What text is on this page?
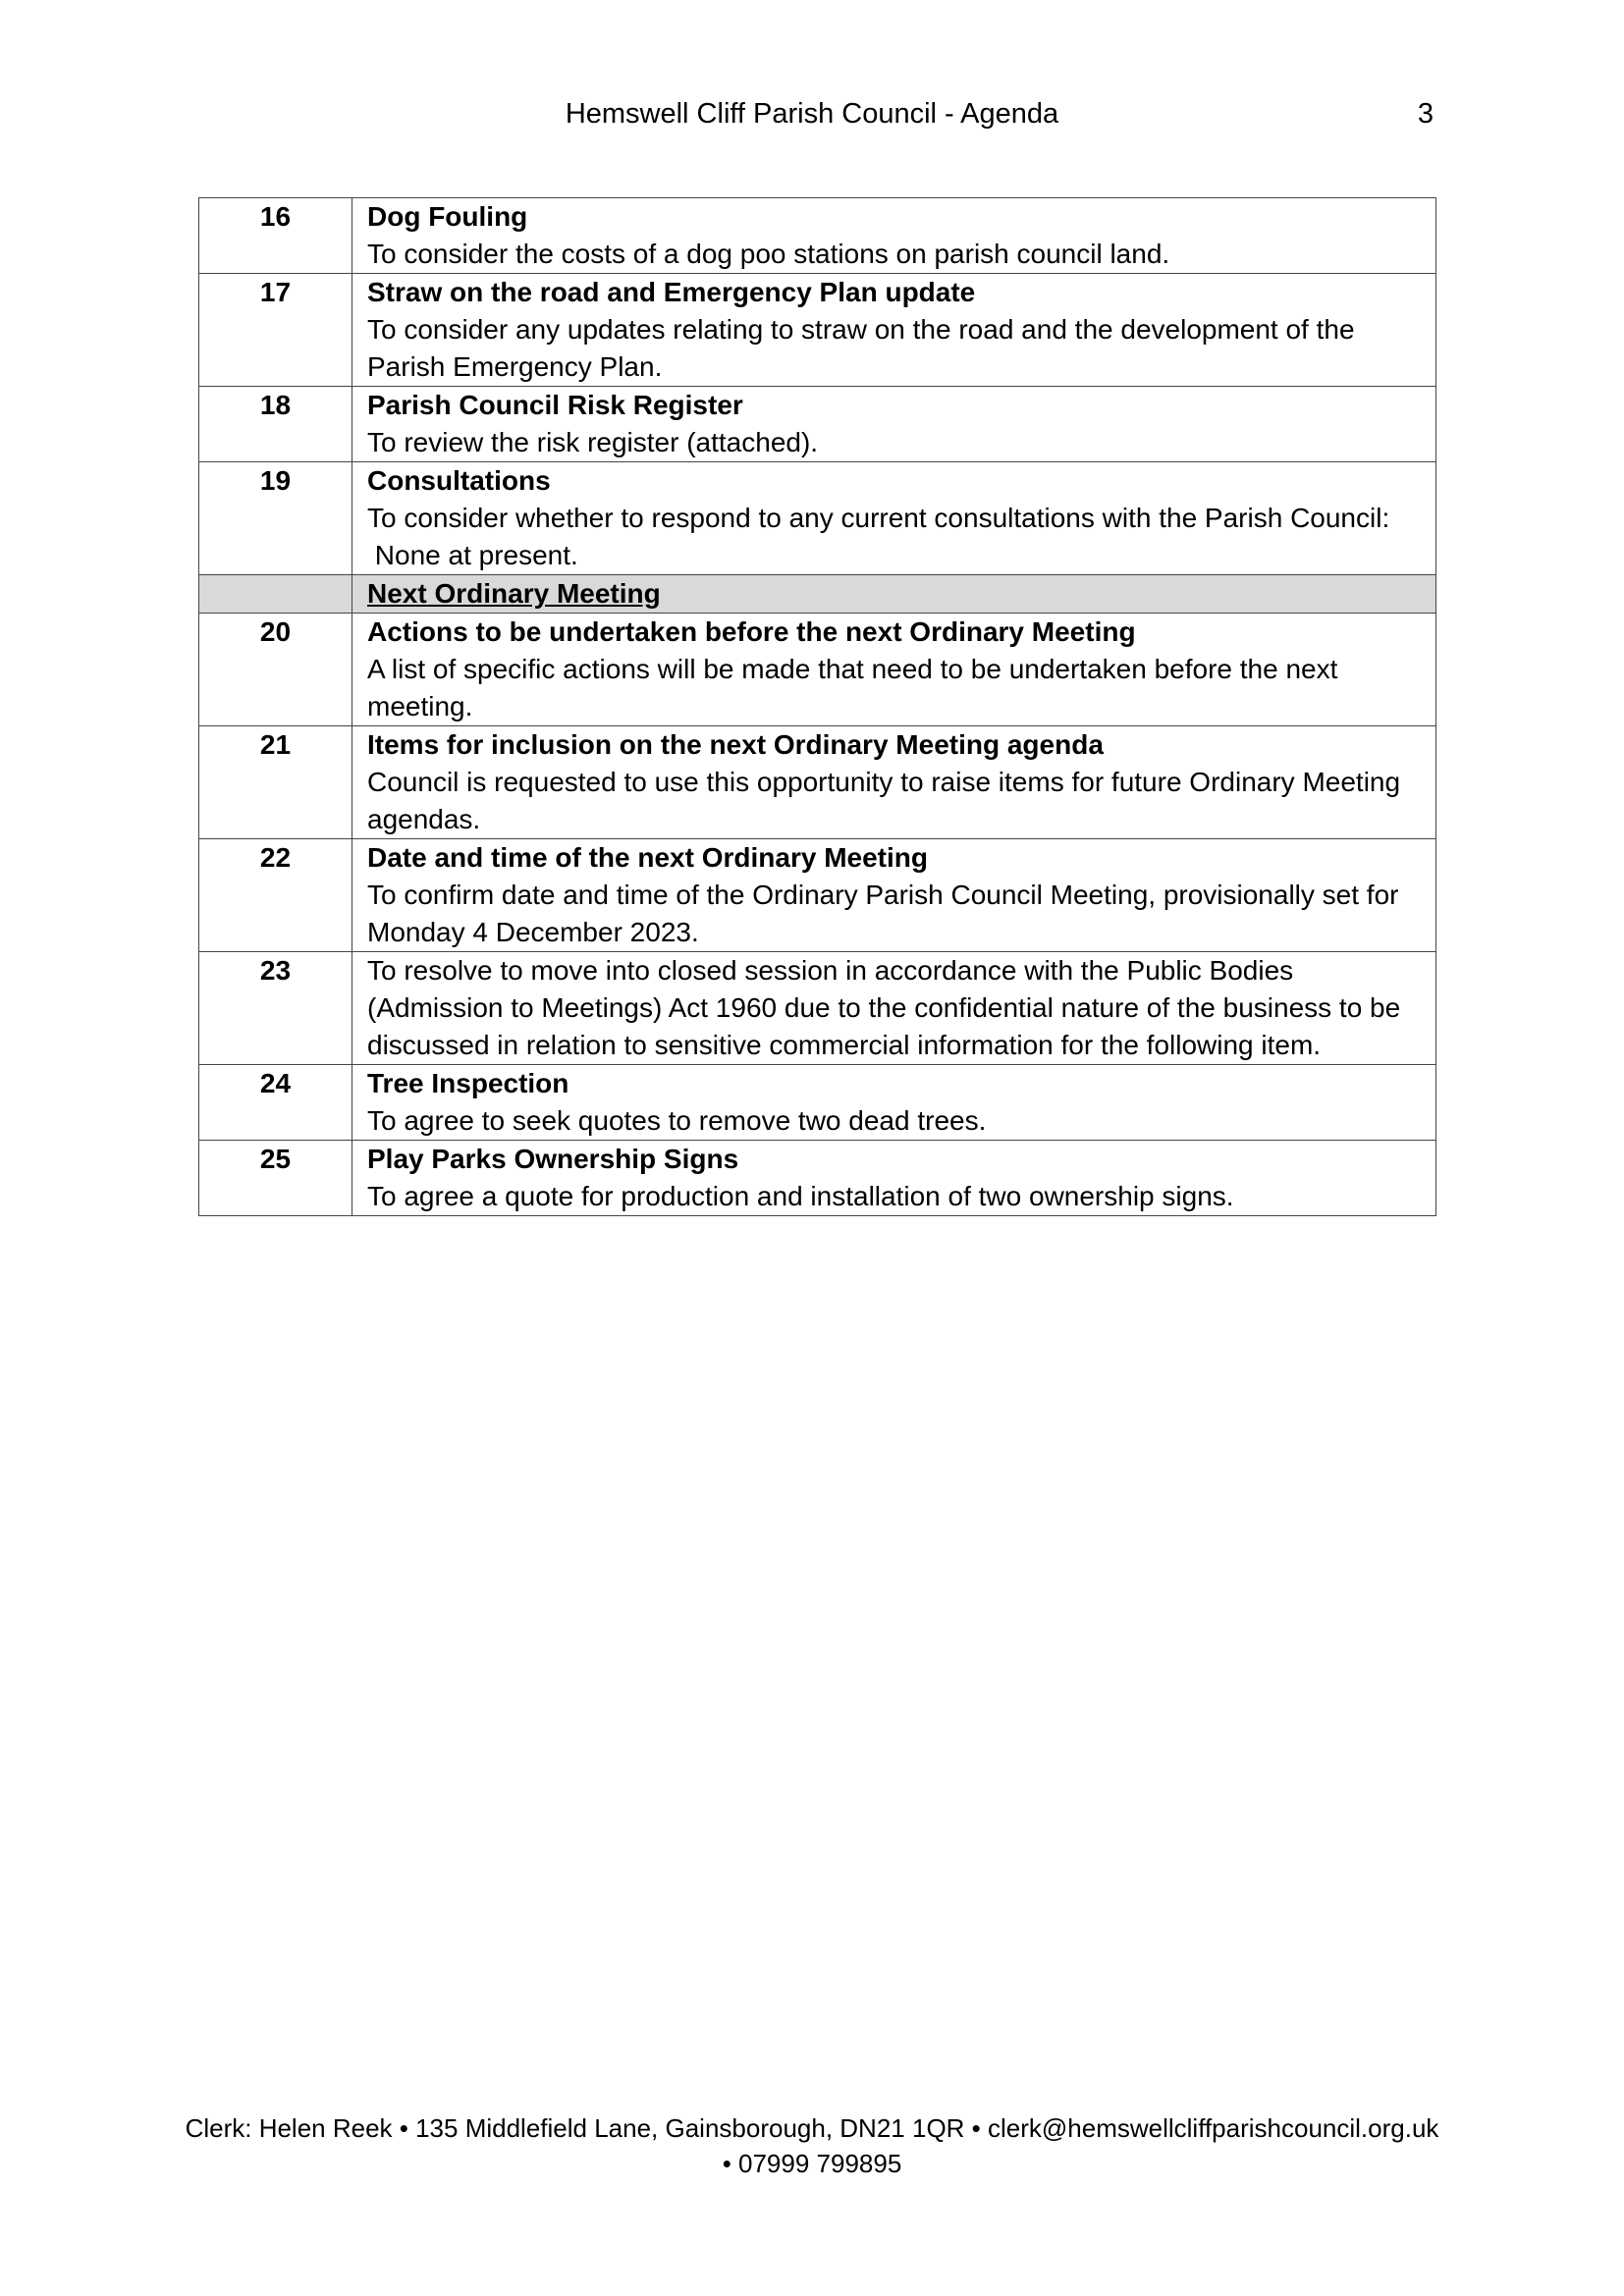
Hemswell Cliff Parish Council - Agenda	3
16	Dog Fouling
To consider the costs of a dog poo stations on parish council land.

17	Straw on the road and Emergency Plan update
To consider any updates relating to straw on the road and the development of the Parish Emergency Plan.

18	Parish Council Risk Register
To review the risk register (attached).

19	Consultations
To consider whether to respond to any current consultations with the Parish Council:
None at present.

	Next Ordinary Meeting

20	Actions to be undertaken before the next Ordinary Meeting
A list of specific actions will be made that need to be undertaken before the next meeting.

21	Items for inclusion on the next Ordinary Meeting agenda
Council is requested to use this opportunity to raise items for future Ordinary Meeting agendas.

22	Date and time of the next Ordinary Meeting
To confirm date and time of the Ordinary Parish Council Meeting, provisionally set for Monday 4 December 2023.

23	To resolve to move into closed session in accordance with the Public Bodies (Admission to Meetings) Act 1960 due to the confidential nature of the business to be discussed in relation to sensitive commercial information for the following item.

24	Tree Inspection
To agree to seek quotes to remove two dead trees.

25	Play Parks Ownership Signs
To agree a quote for production and installation of two ownership signs.
Clerk: Helen Reek • 135 Middlefield Lane, Gainsborough, DN21 1QR • clerk@hemswellcliffparishcouncil.org.uk
• 07999 799895
